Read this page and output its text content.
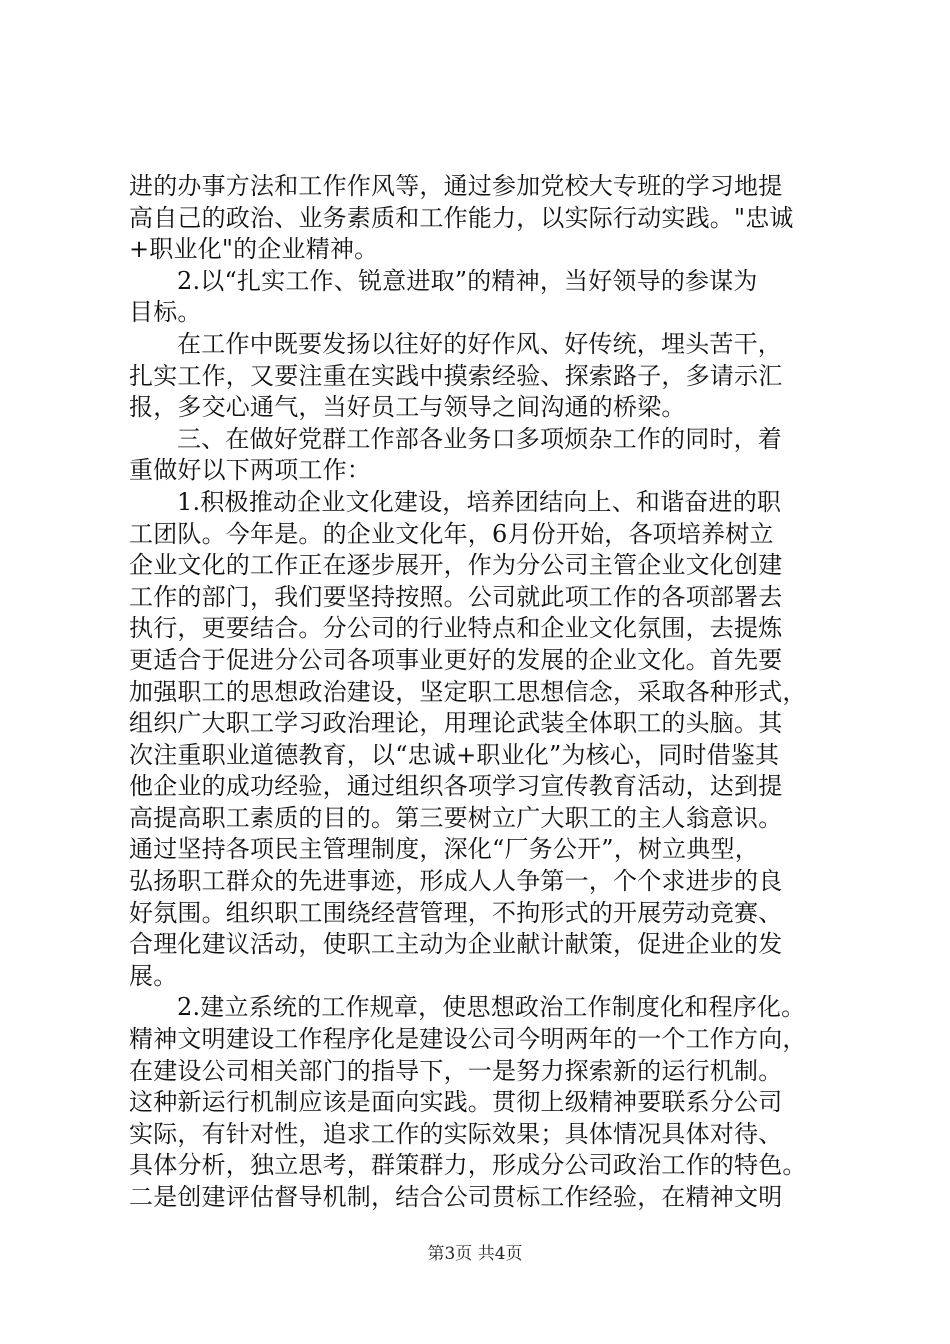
进的办事方法和工作作风等，通过参加党校大专班的学习地提
高自己的政治、业务素质和工作能力，以实际行动实践。"忠诚
+职业化"的企业精神。
2.以“扎实工作、锐意进取”的精神，当好领导的参谋为
目标。
在工作中既要发扬以往好的好作风、好传统，埋头苦干，
扎实工作，又要注重在实践中摸索经验、探索路子，多请示汇
报，多交心通气，当好员工与领导之间沟通的桥梁。
三、在做好党群工作部各业务口多项烦杂工作的同时，着
重做好以下两项工作：
1.积极推动企业文化建设，培养团结向上、和谐奋进的职
工团队。今年是。的企业文化年，6月份开始，各项培养树立
企业文化的工作正在逐步展开，作为分公司主管企业文化创建
工作的部门，我们要坚持按照。公司就此项工作的各项部署去
执行，更要结合。分公司的行业特点和企业文化氛围，去提炼
更适合于促进分公司各项事业更好的发展的企业文化。首先要
加强职工的思想政治建设，坚定职工思想信念，采取各种形式，
组织广大职工学习政治理论，用理论武装全体职工的头脑。其
次注重职业道德教育，以“忠诚+职业化”为核心，同时借鉴其
他企业的成功经验，通过组织各项学习宣传教育活动，达到提
高提高职工素质的目的。第三要树立广大职工的主人翁意识。
通过坚持各项民主管理制度，深化“厂务公开”，树立典型，
弘扬职工群众的先进事迹，形成人人争第一，个个求进步的良
好氛围。组织职工围绕经营管理，不拘形式的开展劳动竞赛、
合理化建议活动，使职工主动为企业献计献策，促进企业的发
展。
2.建立系统的工作规章，使思想政治工作制度化和程序化。
精神文明建设工作程序化是建设公司今明两年的一个工作方向，
在建设公司相关部门的指导下，一是努力探索新的运行机制。
这种新运行机制应该是面向实践。贯彻上级精神要联系分公司
实际，有针对性，追求工作的实际效果；具体情况具体对待、
具体分析，独立思考，群策群力，形成分公司政治工作的特色。
二是创建评估督导机制，结合公司贯标工作经验，在精神文明
第3页 共4页
